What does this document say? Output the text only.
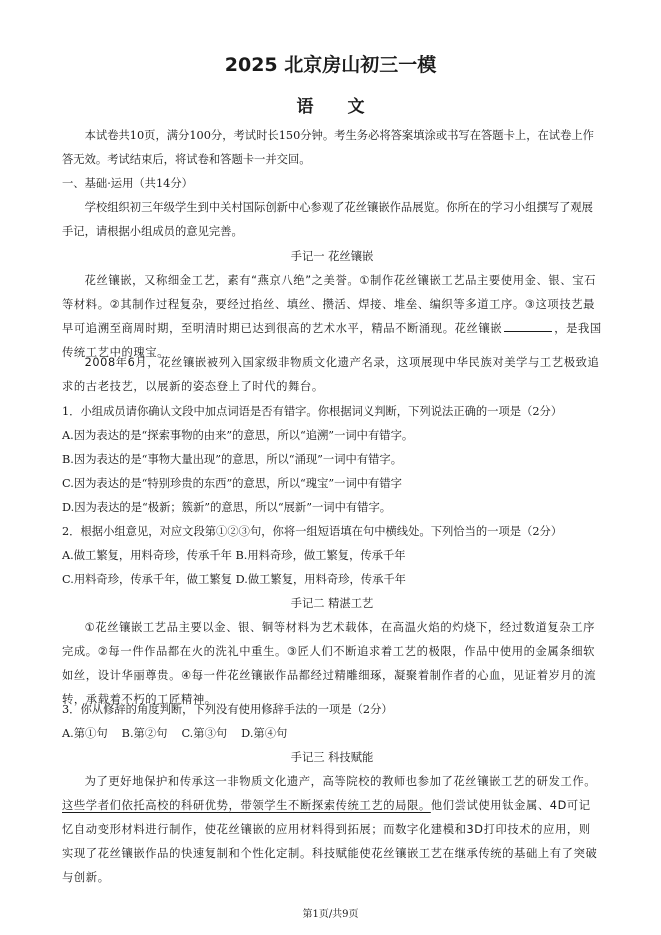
2025 北京房山初三一模
语文

本试卷共10页，满分100分，考试时长150分钟。考生务必将答案填涂或书写在答题卡上，在试卷上作答无效。考试结束后，将试卷和答题卡一并交回。

一、基础·运用（共14分）

学校组织初三年级学生到中关村国际创新中心参观了花丝镶嵌作品展览。你所在的学习小组撰写了观展手记，请根据小组成员的意见完善。

手记一 花丝镶嵌

花丝镶嵌，又称细金工艺，素有“燕京八绝”之美誉。①制作花丝镶嵌工艺品主要使用金、银、宝石等材料。②其制作过程复杂，要经过掐丝、填丝、攒活、焊接、堆垒、编织等多道工序。③这项技艺最早可追溯至商周时期，至明清时期已达到很高的艺术水平，精品不断涌现。花丝镶嵌	，是我国传统工艺中的瑰宝。

2008年6月，花丝镶嵌被列入国家级非物质文化遗产名录，这项展现中华民族对美学与工艺极致追求的古老技艺，以展新的姿态登上了时代的舞台。

1．小组成员请你确认文段中加点词语是否有错字。你根据词义判断，下列说法正确的一项是（2分）

A.因为表达的是“探索事物的由来”的意思，所以“追溯”一词中有错字。

B.因为表达的是“事物大量出现”的意思，所以“涌现”一词中有错字。

C.因为表达的是“特别珍贵的东西”的意思，所以“瑰宝”一词中有错字

D.因为表达的是“极新；簇新”的意思，所以“展新”一词中有错字。

2．根据小组意见，对应文段第①②③句，你将一组短语填在句中横线处。下列恰当的一项是（2分）

A.做工繁复，用料奇珍，传承千年 B.用料奇珍，做工繁复，传承千年

C.用料奇珍，传承千年，做工繁复 D.做工繁复，用料奇珍，传承千年

手记二 精湛工艺

①花丝镶嵌工艺品主要以金、银、铜等材料为艺术载体，在高温火焰的灼烧下，经过数道复杂工序完成。②每一件作品都在火的洗礼中重生。③匠人们不断追求着工艺的极限，作品中使用的金属条细软如丝，设计华丽尊贵。④每一件花丝镶嵌作品都经过精雕细琢，凝聚着制作者的心血，见证着岁月的流转，承载着不朽的工匠精神。

3．你从修辞的角度判断，下列没有使用修辞手法的一项是（2分）

A.第①句 B.第②句 C.第③句 D.第④句

手记三 科技赋能

为了更好地保护和传承这一非物质文化遗产，高等院校的教师也参加了花丝镶嵌工艺的研发工作。这些学者们依托高校的科研优势，带领学生不断探索传统工艺的局限。他们尝试使用钛金属、4D可记忆自动变形材料进行制作，使花丝镶嵌的应用材料得到拓展；而数字化建模和3D打印技术的应用，则实现了花丝镶嵌作品的快速复制和个性化定制。科技赋能使花丝镶嵌工艺在继承传统的基础上有了突破与创新。

第1页/共9页
